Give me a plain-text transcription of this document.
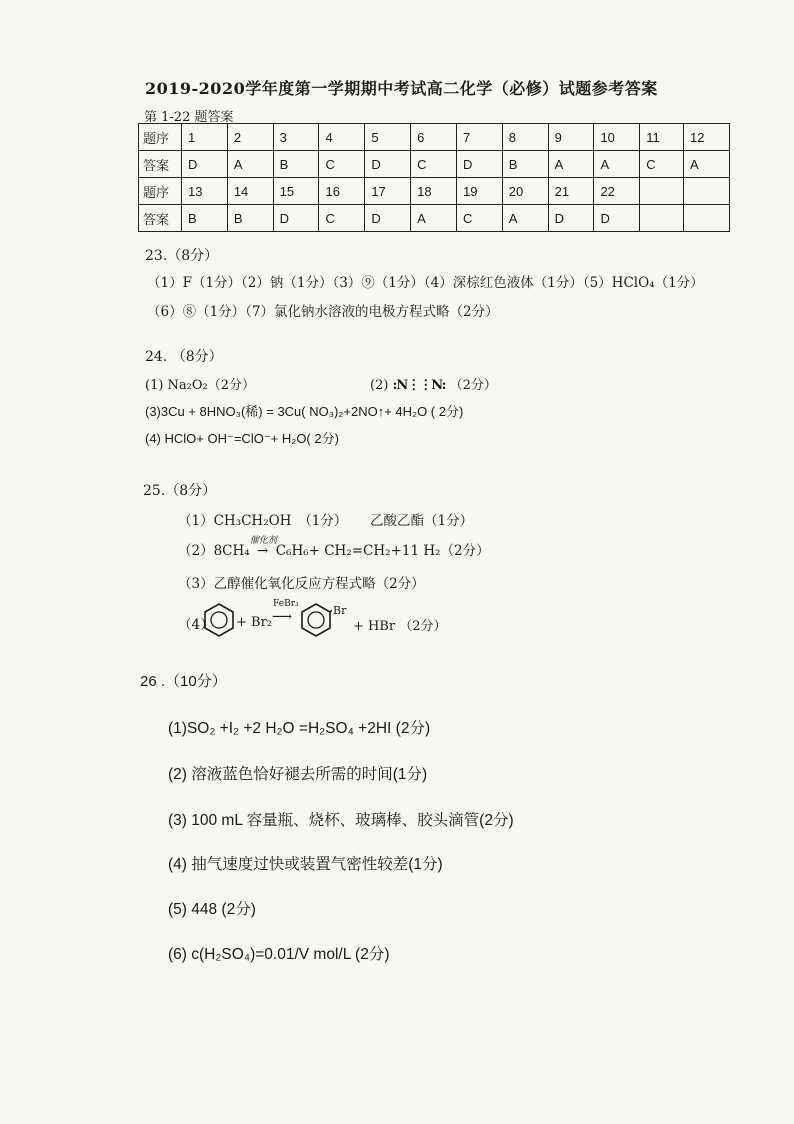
2019-2020学年度第一学期期中考试高二化学（必修）试题参考答案
第 1-22 题答案
题序	1	2	3	4	5	6	7	8	9	10	11	12
答案	D	A	B	C	D	C	D	B	A	A	C	A
题序	13	14	15	16	17	18	19	20	21	22		
答案	B	B	D	C	D	A	C	A	D	D		
23.（8分）
（1）F（1分）（2）钠（1分）（3）⑨（1分）（4）深棕红色液体（1分）（5）HClO₄（1分）
（6）⑧（1分）（7）氯化钠水溶液的电极方程式略（2分）
24. （8分）
(1) Na₂O₂（2分）	(2) :N⋮⋮N: （2分）
(3)3Cu + 8HNO₃(稀) = 3Cu( NO₃)₂+2NO↑+ 4H₂O ( 2分)
(4) HClO+ OH⁻=ClO⁻+ H₂O( 2分)
25.（8分）
（1）CH₃CH₂OH　（1分） 乙酸乙酯（1分）
（2）8CH₄
催化剂
→ C₆H₆+ CH₂=CH₂+11 H₂（2分）
（3）乙醇催化氧化反应方程式略（2分）
（4） + Br₂
FeBr₃
⟶	Br
+ HBr （2分）
26 .（10分）
(1)SO₂ +I₂ +2 H₂O =H₂SO₄ +2HI (2分)
(2) 溶液蓝色恰好褪去所需的时间(1分)
(3) 100 mL 容量瓶、烧杯、玻璃棒、胶头滴管(2分)
(4) 抽气速度过快或装置气密性较差(1分)
(5) 448 (2分)
(6) c(H₂SO₄)=0.01/V mol/L (2分)
